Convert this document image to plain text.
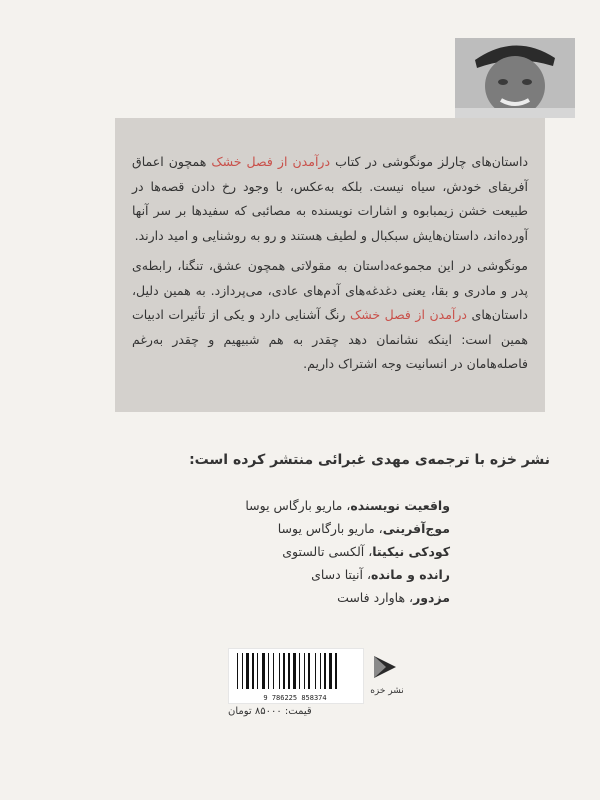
داستان‌های چارلز مونگوشی در کتاب درآمدن از فصل خشک همچون اعماق آفریقای خودش، سیاه نیست. بلکه به‌عکس، با وجود رخ دادن قصه‌ها در طبیعت خشن زیمبابوه و اشارات نویسنده به مصائبی که سفیدها بر سر آنها آورده‌اند، داستان‌هایش سبکبال و لطیف هستند و رو به روشنایی و امید دارند.

مونگوشی در این مجموعه‌داستان به مقولاتی همچون عشق، تنگنا، رابطه‌ی پدر و مادری و بقا، یعنی دغدغه‌های آدم‌های عادی، می‌پردازد. به همین دلیل، داستان‌های درآمدن از فصل خشک رنگ آشنایی دارد و یکی از تأثیرات ادبیات همین است: اینکه نشانمان دهد چقدر به هم شبیهیم و چقدر به‌رغم فاصله‌هامان در انسانیت وجه اشتراک داریم.

نشر خزه با ترجمه‌ی مهدی غبرائی منتشر کرده است:
واقعیت نویسنده، ماریو بارگاس یوسا
موج‌آفرینی، ماریو بارگاس یوسا
کودکی نیکیتا، آلکسی تالستوی
رانده و مانده، آنیتا دسای
مزدور، هاوارد فاست
9 786225 858374
قیمت: ۸۵۰۰۰ تومان
نشر خزه
